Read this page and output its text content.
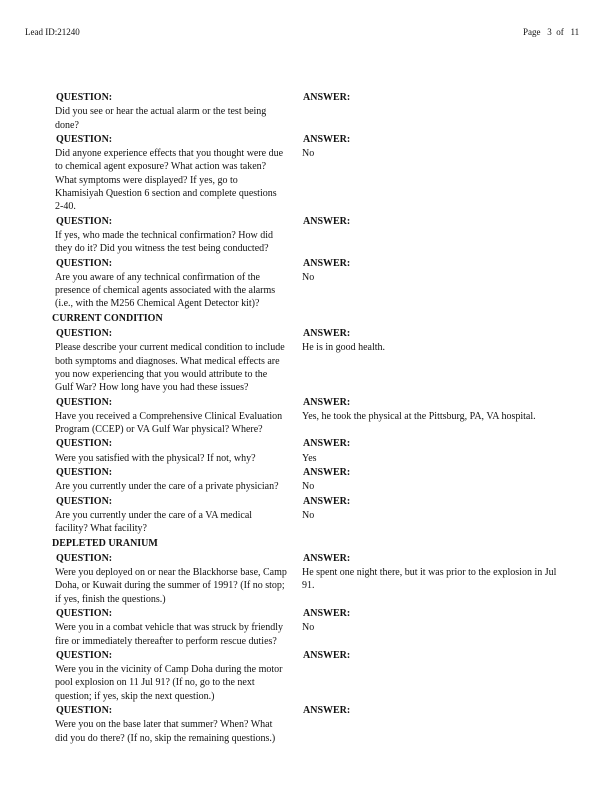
Lead ID:21240	Page   3  of   11
QUESTION:
Did you see or hear the actual alarm or the test being done?
ANSWER:
QUESTION:
Did anyone experience effects that you thought were due to chemical agent exposure? What action was taken? What symptoms were displayed? If yes, go to Khamisiyah Question 6 section and complete questions 2-40.
ANSWER:
No
QUESTION:
If yes, who made the technical confirmation? How did they do it? Did you witness the test being conducted?
ANSWER:
QUESTION:
Are you aware of any technical confirmation of the presence of chemical agents associated with the alarms (i.e., with the M256 Chemical Agent Detector kit)?
ANSWER:
No
CURRENT CONDITION
QUESTION:
Please describe your current medical condition to include both symptoms and diagnoses. What medical effects are you now experiencing that you would attribute to the Gulf War? How long have you had these issues?
ANSWER:
He is in good health.
QUESTION:
Have you received a Comprehensive Clinical Evaluation Program (CCEP) or VA Gulf War physical? Where?
ANSWER:
Yes, he took the physical at the Pittsburg, PA, VA hospital.
QUESTION:
Were you satisfied with the physical? If not, why?
ANSWER:
Yes
QUESTION:
Are you currently under the care of a private physician?
ANSWER:
No
QUESTION:
Are you currently under the care of a VA medical facility? What facility?
ANSWER:
No
DEPLETED URANIUM
QUESTION:
Were you deployed on or near the Blackhorse base, Camp Doha, or Kuwait during the summer of 1991? (If no stop; if yes, finish the questions.)
ANSWER:
He spent one night there, but it was prior to the explosion in Jul 91.
QUESTION:
Were you in a combat vehicle that was struck by friendly fire or immediately thereafter to perform rescue duties?
ANSWER:
No
QUESTION:
Were you in the vicinity of Camp Doha during the motor pool explosion on 11 Jul 91? (If no, go to the next question; if yes, skip the next question.)
ANSWER:
QUESTION:
Were you on the base later that summer? When? What did you do there? (If no, skip the remaining questions.)
ANSWER:
